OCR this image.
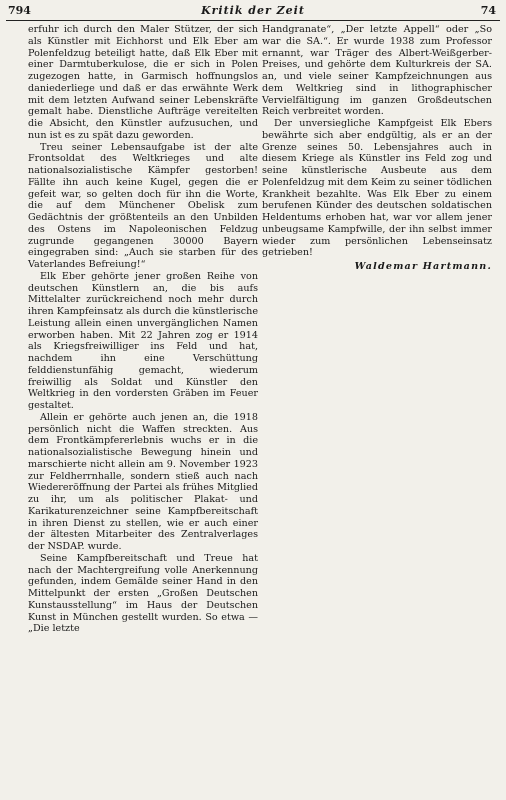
794	Kritik der Zeit	74

erfuhr ich durch den Maler Stützer, der sich als Künstler mit Eichhorst und Elk Eber am Polenfeldzug beteiligt hatte, daß Elk Eber mit einer Darmtuberkulose, die er sich in Polen zugezogen hatte, in Garmisch hoffnungslos daniederliege und daß er das erwähnte Werk mit dem letzten Aufwand seiner Lebenskräfte gemalt habe. Dienstliche Aufträge vereitelten die Absicht, den Künstler aufzusuchen, und nun ist es zu spät dazu geworden.

Treu seiner Lebensaufgabe ist der alte Frontsoldat des Weltkrieges und alte nationalsozialistische Kämpfer gestorben! Fällte ihn auch keine Kugel, gegen die er gefeit war, so gelten doch für ihn die Worte, die auf dem Münchener Obelisk zum Gedächtnis der größtenteils an den Unbilden des Ostens im Napoleonischen Feldzug zugrunde gegangenen 30000 Bayern eingegraben sind: „Auch sie starben für des Vaterlandes Befreiung!“

Elk Eber gehörte jener großen Reihe von deutschen Künstlern an, die bis aufs Mittelalter zurückreichend noch mehr durch ihren Kampfeinsatz als durch die künstlerische Leistung allein einen unvergänglichen Namen erworben haben. Mit 22 Jahren zog er 1914 als Kriegsfreiwilliger ins Feld und hat, nachdem ihn eine Verschüttung felddienstunfähig gemacht, wiederum freiwillig als Soldat und Künstler den Weltkrieg in den vordersten Gräben im Feuer gestaltet.

Allein er gehörte auch jenen an, die 1918 persönlich nicht die Waffen streckten. Aus dem Frontkämpfererlebnis wuchs er in die nationalsozialistische Bewegung hinein und marschierte nicht allein am 9. November 1923 zur Feldherrnhalle, sondern stieß auch nach Wiedereröffnung der Partei als frühes Mitglied zu ihr, um als politischer Plakat- und Karikaturenzeichner seine Kampfbereitschaft in ihren Dienst zu stellen, wie er auch einer der ältesten Mitarbeiter des Zentralverlages der NSDAP. wurde.

Seine Kampfbereitschaft und Treue hat nach der Machtergreifung volle Anerkennung gefunden, indem Gemälde seiner Hand in den Mittelpunkt der ersten „Großen Deutschen Kunstausstellung“ im Haus der Deutschen Kunst in München gestellt wurden. So etwa — „Die letzte

Handgranate“, „Der letzte Appell“ oder „So war die SA.“. Er wurde 1938 zum Professor ernannt, war Träger des Albert-Weißgerber-Preises, und gehörte dem Kulturkreis der SA. an, und viele seiner Kampfzeichnungen aus dem Weltkrieg sind in lithographischer Vervielfältigung im ganzen Großdeutschen Reich verbreitet worden.

Der unversiegliche Kampfgeist Elk Ebers bewährte sich aber endgültig, als er an der Grenze seines 50. Lebensjahres auch in diesem Kriege als Künstler ins Feld zog und seine künstlerische Ausbeute aus dem Polenfeldzug mit dem Keim zu seiner tödlichen Krankheit bezahlte. Was Elk Eber zu einem berufenen Künder des deutschen soldatischen Heldentums erhoben hat, war vor allem jener unbeugsame Kampfwille, der ihn selbst immer wieder zum persönlichen Lebenseinsatz getrieben!

Waldemar Hartmann.
